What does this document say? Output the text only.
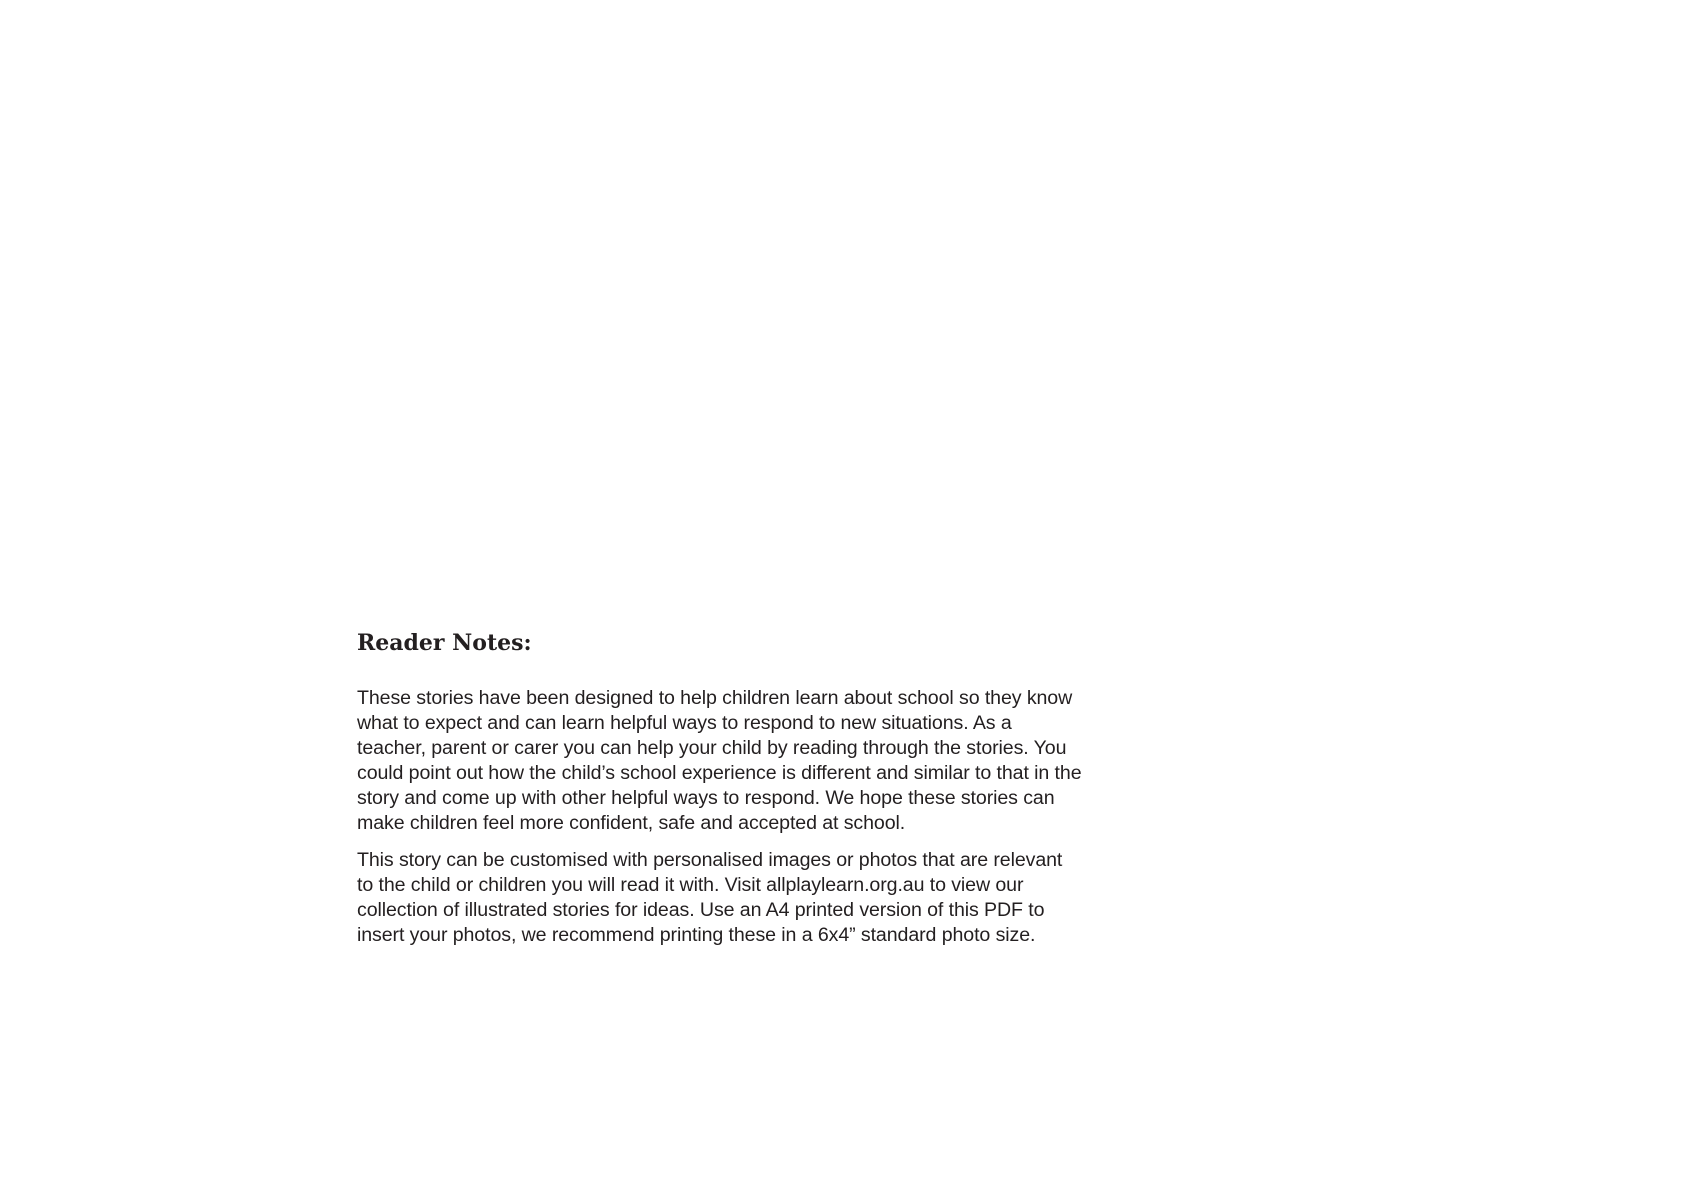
Reader Notes:

These stories have been designed to help children learn about school so they know what to expect and can learn helpful ways to respond to new situations. As a teacher, parent or carer you can help your child by reading through the stories. You could point out how the child’s school experience is different and similar to that in the story and come up with other helpful ways to respond. We hope these stories can make children feel more confident, safe and accepted at school.

This story can be customised with personalised images or photos that are relevant to the child or children you will read it with. Visit allplaylearn.org.au to view our collection of illustrated stories for ideas. Use an A4 printed version of this PDF to insert your photos, we recommend printing these in a 6x4” standard photo size.
